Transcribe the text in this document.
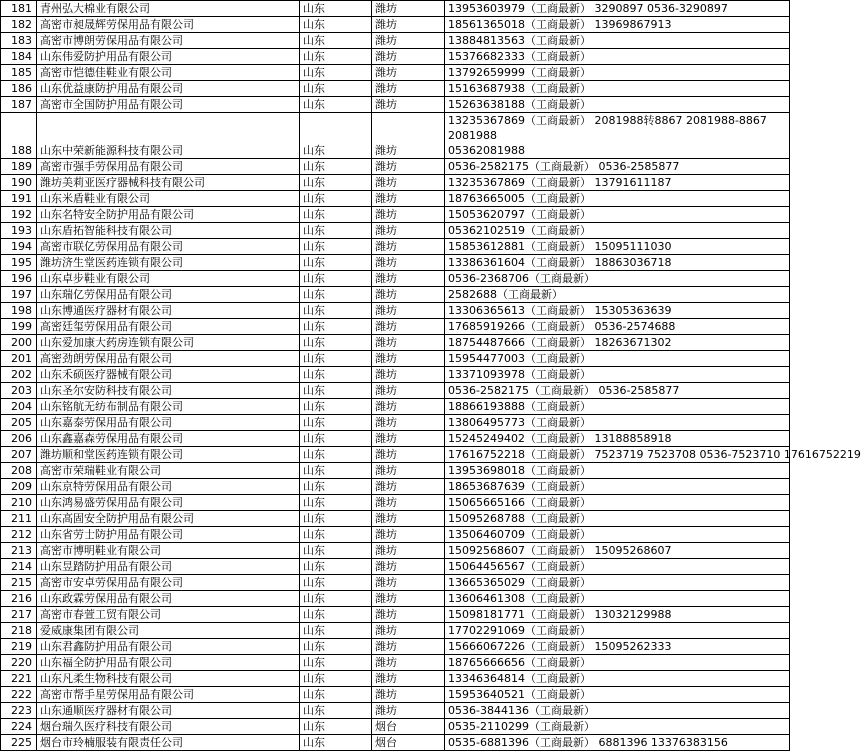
181	青州弘大棉业有限公司	山东	潍坊	13953603979（工商最新） 3290897 0536-3290897
182	高密市昶晟辉劳保用品有限公司	山东	潍坊	18561365018（工商最新） 13969867913
183	高密市博朗劳保用品有限公司	山东	潍坊	13884813563（工商最新）
184	山东伟爱防护用品有限公司	山东	潍坊	15376682333（工商最新）
185	高密市恺德佳鞋业有限公司	山东	潍坊	13792659999（工商最新）
186	山东优益康防护用品有限公司	山东	潍坊	15163687938（工商最新）
187	高密市全国防护用品有限公司	山东	潍坊	15263638188（工商最新）
188	山东中荣新能源科技有限公司	山东	潍坊	13235367869（工商最新） 2081988转8867 2081988-8867 2081988
05362081988
189	高密市强手劳保用品有限公司	山东	潍坊	0536-2582175（工商最新） 0536-2585877
190	潍坊美莉亚医疗器械科技有限公司	山东	潍坊	13235367869（工商最新） 13791611187
191	山东米盾鞋业有限公司	山东	潍坊	18763665005（工商最新）
192	山东名特安全防护用品有限公司	山东	潍坊	15053620797（工商最新）
193	山东盾拓智能科技有限公司	山东	潍坊	05362102519（工商最新）
194	高密市联亿劳保用品有限公司	山东	潍坊	15853612881（工商最新） 15095111030
195	潍坊济生堂医药连锁有限公司	山东	潍坊	13386361604（工商最新） 18863036718
196	山东卓步鞋业有限公司	山东	潍坊	0536-2368706（工商最新）
197	山东瑞亿劳保用品有限公司	山东	潍坊	2582688（工商最新）
198	山东博通医疗器材有限公司	山东	潍坊	13306365613（工商最新） 15305363639
199	高密廷玺劳保用品有限公司	山东	潍坊	17685919266（工商最新） 0536-2574688
200	山东爱加康大药房连锁有限公司	山东	潍坊	18754487666（工商最新） 18263671302
201	高密劲朗劳保用品有限公司	山东	潍坊	15954477003（工商最新）
202	山东禾硕医疗器械有限公司	山东	潍坊	13371093978（工商最新）
203	山东圣尔安防科技有限公司	山东	潍坊	0536-2582175（工商最新） 0536-2585877
204	山东铭航无纺布制品有限公司	山东	潍坊	18866193888（工商最新）
205	山东嘉泰劳保用品有限公司	山东	潍坊	13806495773（工商最新）
206	山东鑫嘉森劳保用品有限公司	山东	潍坊	15245249402（工商最新） 13188858918
207	潍坊顺和堂医药连锁有限公司	山东	潍坊	17616752218（工商最新） 7523719 7523708 0536-7523710 17616752219
208	高密市荣瑞鞋业有限公司	山东	潍坊	13953698018（工商最新）
209	山东京特劳保用品有限公司	山东	潍坊	18653687639（工商最新）
210	山东鸿易盛劳保用品有限公司	山东	潍坊	15065665166（工商最新）
211	山东高固安全防护用品有限公司	山东	潍坊	15095268788（工商最新）
212	山东省劳士防护用品有限公司	山东	潍坊	13506460709（工商最新）
213	高密市博明鞋业有限公司	山东	潍坊	15092568607（工商最新） 15095268607
214	山东昱踏防护用品有限公司	山东	潍坊	15064456567（工商最新）
215	高密市安卓劳保用品有限公司	山东	潍坊	13665365029（工商最新）
216	山东政霖劳保用品有限公司	山东	潍坊	13606461308（工商最新）
217	高密市春萱工贸有限公司	山东	潍坊	15098181771（工商最新） 13032129988
218	爱威康集团有限公司	山东	潍坊	17702291069（工商最新）
219	山东君鑫防护用品有限公司	山东	潍坊	15666067226（工商最新） 15095262333
220	山东福全防护用品有限公司	山东	潍坊	18765666656（工商最新）
221	山东凡柔生物科技有限公司	山东	潍坊	13346364814（工商最新）
222	高密市帮手星劳保用品有限公司	山东	潍坊	15953640521（工商最新）
223	山东通顺医疗器材有限公司	山东	潍坊	0536-3844136（工商最新）
224	烟台瑞久医疗科技有限公司	山东	烟台	0535-2110299（工商最新）
225	烟台市玲楠服装有限责任公司	山东	烟台	0535-6881396（工商最新） 6881396 13376383156
